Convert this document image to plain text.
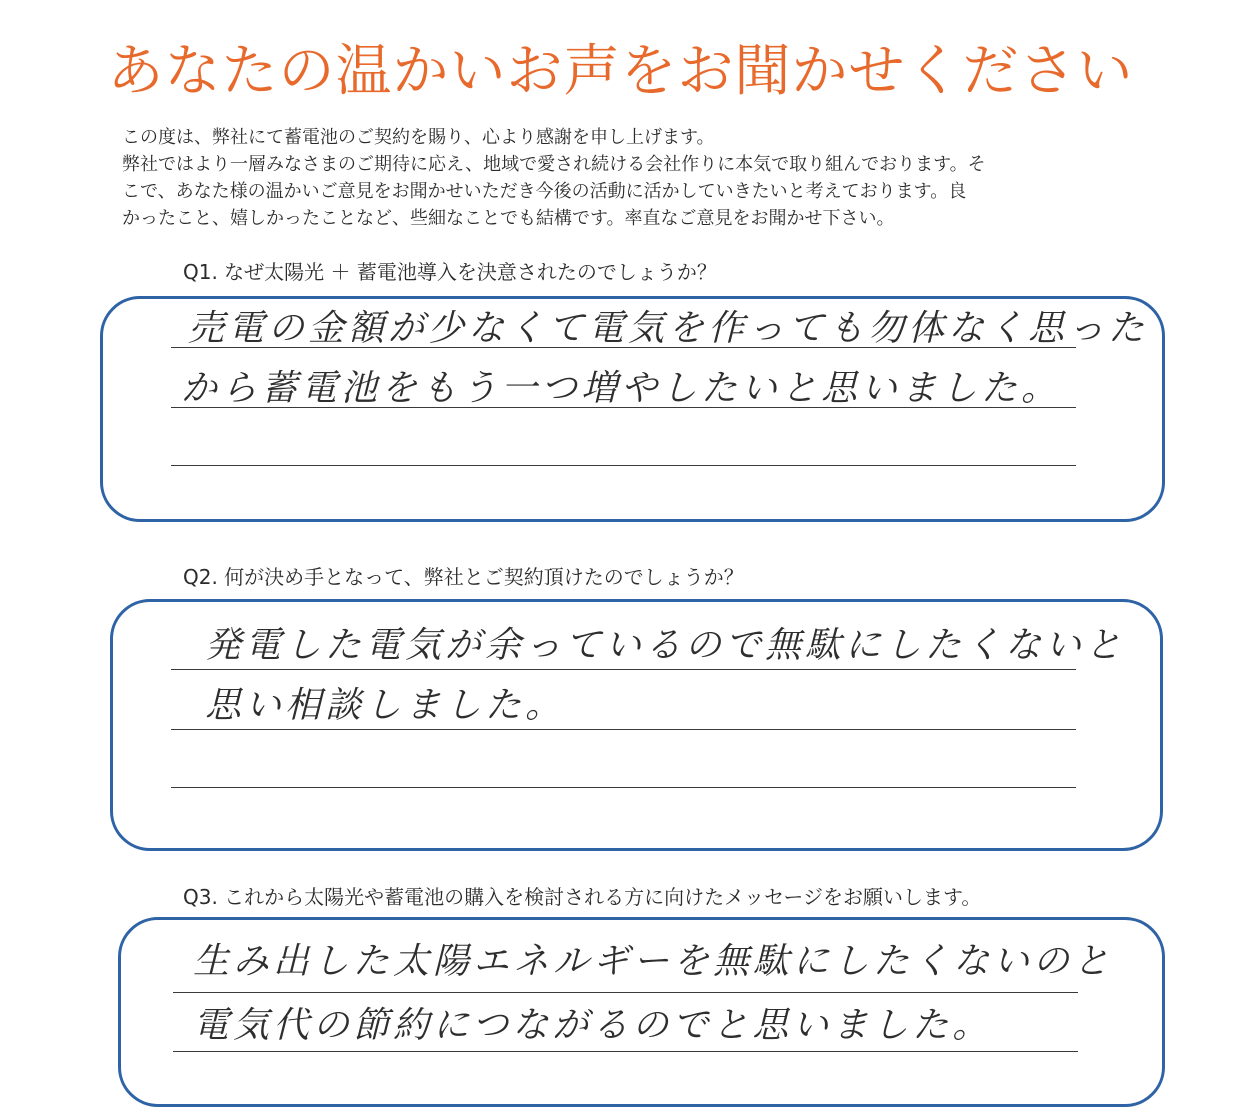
あなたの温かいお声をお聞かせください

この度は、弊社にて蓄電池のご契約を賜り、心より感謝を申し上げます。

弊社ではより一層みなさまのご期待に応え、地域で愛され続ける会社作りに本気で取り組んでおります。そ

こで、あなた様の温かいご意見をお聞かせいただき今後の活動に活かしていきたいと考えております。良

かったこと、嬉しかったことなど、些細なことでも結構です。率直なご意見をお聞かせ下さい。

Q1. なぜ太陽光 ＋ 蓄電池導入を決意されたのでしょうか？
売電の金額が少なくて電気を作っても勿体なく思った
から蓄電池をもう一つ増やしたいと思いました。
Q2. 何が決め手となって、弊社とご契約頂けたのでしょうか？
発電した電気が余っているので無駄にしたくないと
思い相談しました。
Q3. これから太陽光や蓄電池の購入を検討される方に向けたメッセージをお願いします。
生み出した太陽エネルギーを無駄にしたくないのと
電気代の節約につながるのでと思いました。
